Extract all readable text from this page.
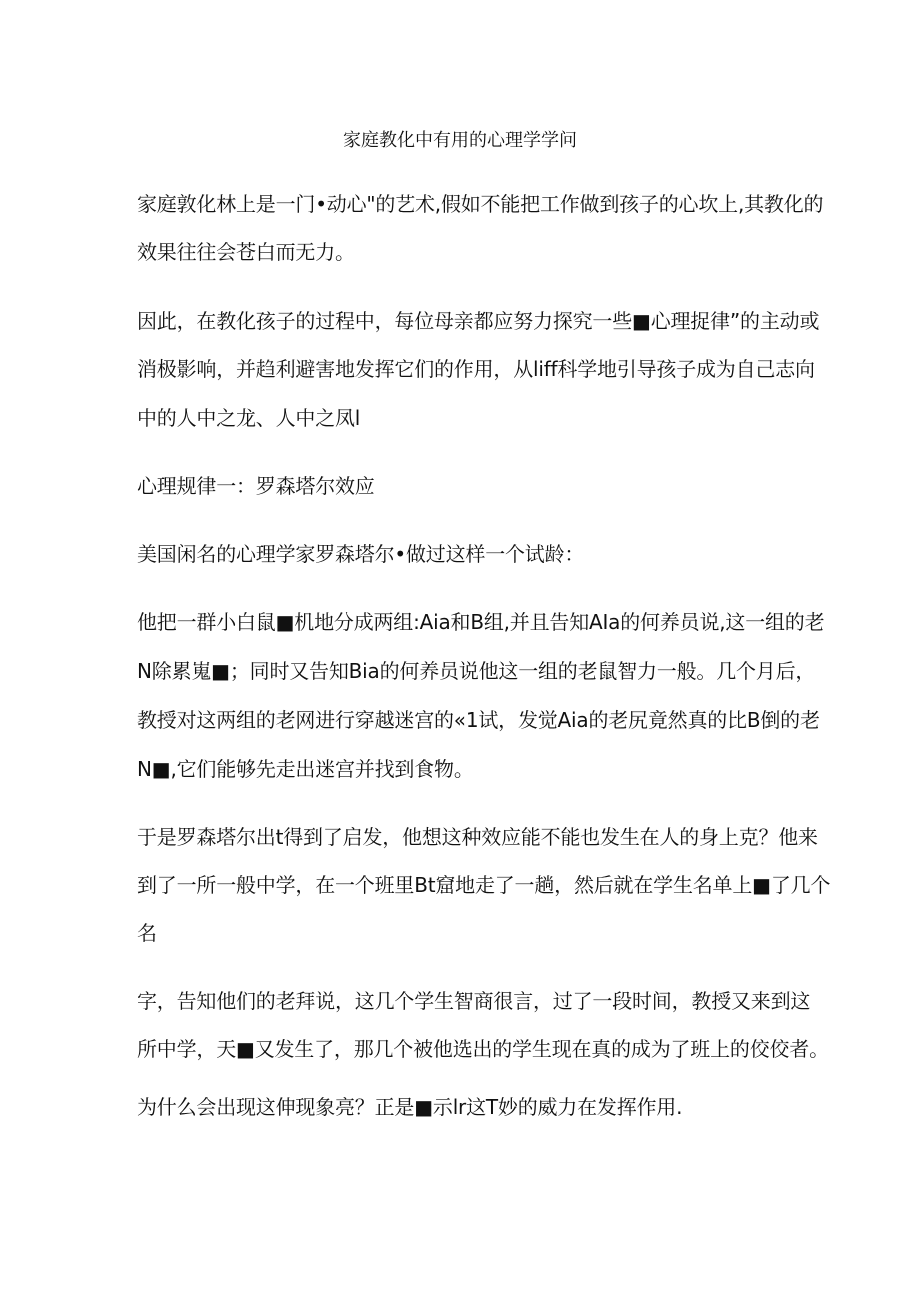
家庭教化中有用的心理学学问
家庭敦化林上是一门•动心"的艺术,假如不能把工作做到孩子的心坎上,其教化的
效果往往会苍白而无力。
因此，在教化孩子的过程中，每位母亲都应努力探究一些■心理捉律”的主动或
消极影响，并趋利避害地发挥它们的作用，从liff科学地引导孩子成为自己志向
中的人中之龙、人中之凤l
心理规律一：罗森塔尔效应
美国闲名的心理学家罗森塔尔•做过这样一个试龄：
他把一群小白鼠■机地分成两组:Aia和B组,并且告知AIa的何养员说,这一组的老
N除累嵬■；同时又告知Bia的何养员说他这一组的老鼠智力一般。几个月后，
教授对这两组的老网进行穿越迷宫的«1试，发觉Aia的老尻竟然真的比B倒的老
N■,它们能够先走出迷宫并找到食物。
于是罗森塔尔出t得到了启发，他想这种效应能不能也发生在人的身上克？他来
到了一所一般中学，在一个班里Bt窟地走了一趟，然后就在学生名单上■了几个
名
字，告知他们的老拜说，这几个学生智商很言，过了一段时间，教授又来到这
所中学，天■又发生了，那几个被他选出的学生现在真的成为了班上的佼佼者。
为什么会出现这伸现象亮？正是■示lr这T妙的威力在发挥作用.
